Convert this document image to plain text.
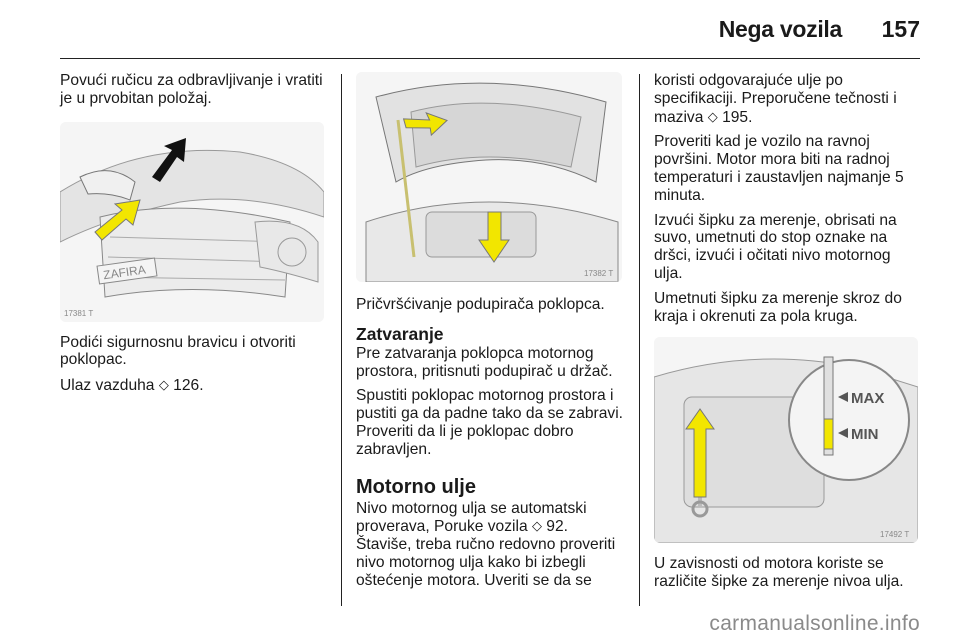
Nega vozila 157

Povući ručicu za odbravljivanje i vratiti je u prvobitan položaj.

ZAFIRA
17381 T

Podići sigurnosnu bravicu i otvoriti poklopac.

Ulaz vazduha ◇ 126.

17382 T

Pričvršćivanje podupirača poklopca.

Zatvaranje

Pre zatvaranja poklopca motornog prostora, pritisnuti podupirač u držač.

Spustiti poklopac motornog prostora i pustiti ga da padne tako da se zabravi. Proveriti da li je poklopac dobro zabravljen.

Motorno ulje

Nivo motornog ulja se automatski proverava, Poruke vozila ◇ 92.

Štaviše, treba ručno redovno proveriti nivo motornog ulja kako bi izbegli oštećenje motora. Uveriti se da se

koristi odgovarajuće ulje po specifikaciji. Preporučene tečnosti i maziva ◇ 195.

Proveriti kad je vozilo na ravnoj površini. Motor mora biti na radnoj temperaturi i zaustavljen najmanje 5 minuta.

Izvući šipku za merenje, obrisati na suvo, umetnuti do stop oznake na dršci, izvući i očitati nivo motornog ulja.

Umetnuti šipku za merenje skroz do kraja i okrenuti za pola kruga.

MAX
MIN
17492 T

U zavisnosti od motora koriste se različite šipke za merenje nivoa ulja.

carmanualsonline.info
